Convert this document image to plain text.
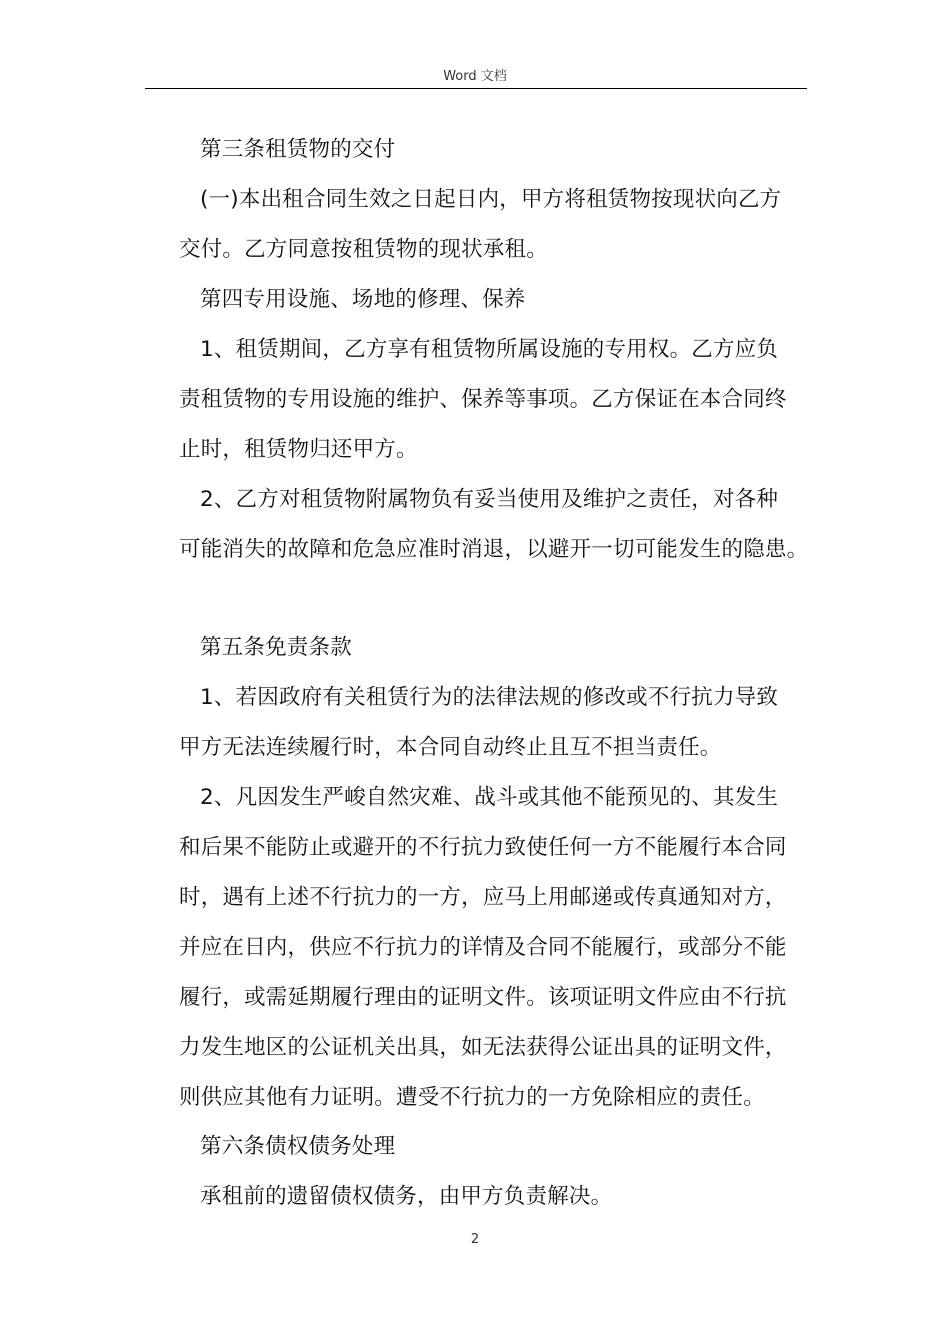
Word 文档
第三条租赁物的交付
(一)本出租合同生效之日起日内，甲方将租赁物按现状向乙方
交付。乙方同意按租赁物的现状承租。
第四专用设施、场地的修理、保养
1、租赁期间，乙方享有租赁物所属设施的专用权。乙方应负
责租赁物的专用设施的维护、保养等事项。乙方保证在本合同终
止时，租赁物归还甲方。
2、乙方对租赁物附属物负有妥当使用及维护之责任，对各种
可能消失的故障和危急应准时消退，以避开一切可能发生的隐患。
第五条免责条款
1、若因政府有关租赁行为的法律法规的修改或不行抗力导致
甲方无法连续履行时，本合同自动终止且互不担当责任。
2、凡因发生严峻自然灾难、战斗或其他不能预见的、其发生
和后果不能防止或避开的不行抗力致使任何一方不能履行本合同
时，遇有上述不行抗力的一方，应马上用邮递或传真通知对方，
并应在日内，供应不行抗力的详情及合同不能履行，或部分不能
履行，或需延期履行理由的证明文件。该项证明文件应由不行抗
力发生地区的公证机关出具，如无法获得公证出具的证明文件，
则供应其他有力证明。遭受不行抗力的一方免除相应的责任。
第六条债权债务处理
承租前的遗留债权债务，由甲方负责解决。
2
